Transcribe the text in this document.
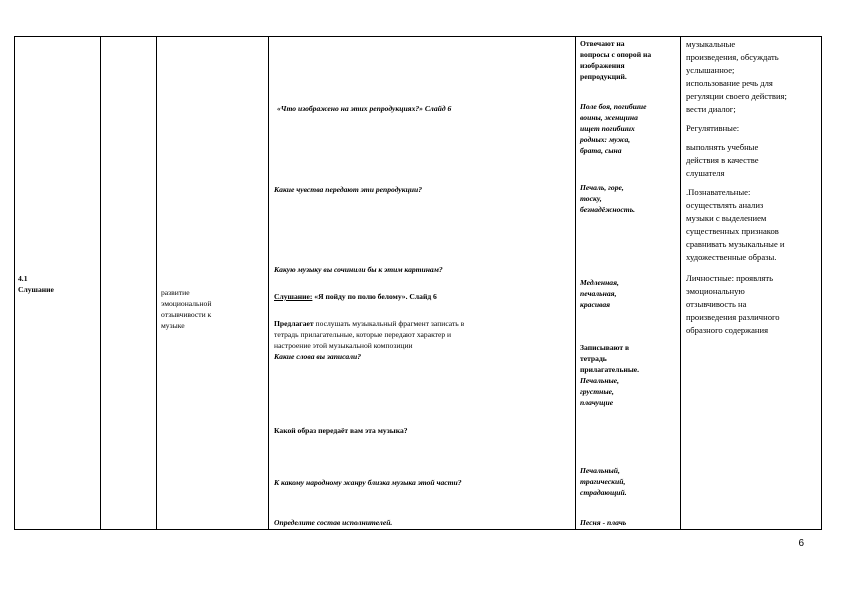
4.1
Слушание	развитие
эмоциональной
отзывчивости к
музыке
«Что изображено на этих репродукциях?» Слайд 6
Какие чувства передают эти репродукции?
Какую музыку вы сочинили бы к этим картинам?
Слушание: «Я пойду по полю белому». Слайд 6
Предлагает послушать музыкальный фрагмент записать в
тетрадь прилагательные, которые передают характер и
настроение этой музыкальной композиции
Какие слова вы записали?
Какой образ передаёт вам эта музыка?
К какому народному жанру близка музыка этой части?
Определите состав исполнителей.
Отвечают на
вопросы с опорой на
изображения
репродукций.
Поле боя, погибшие
воины, женщина
ищет погибших
родных: мужа,
брата, сына
Печаль, горе,
тоску,
безнадёжность.
Медленная,
печальная,
красивая
Записывают в
тетрадь
прилагательные.
Печальные,
грустные,
плачущие
Печальный,
трагический,
страдающий.
Песня - плачь
музыкальные
произведения, обсуждать
услышанное;
использование речь для
регуляции своего действия;
вести диалог;
Регулятивные:
выполнять учебные
действия в качестве
слушателя
.Познавательные:
осуществлять анализ
музыки с выделением
существенных признаков
сравнивать музыкальные и
художественные образы.
Личностные: проявлять
эмоциональную
отзывчивость на
произведения различного
образного содержания
6
